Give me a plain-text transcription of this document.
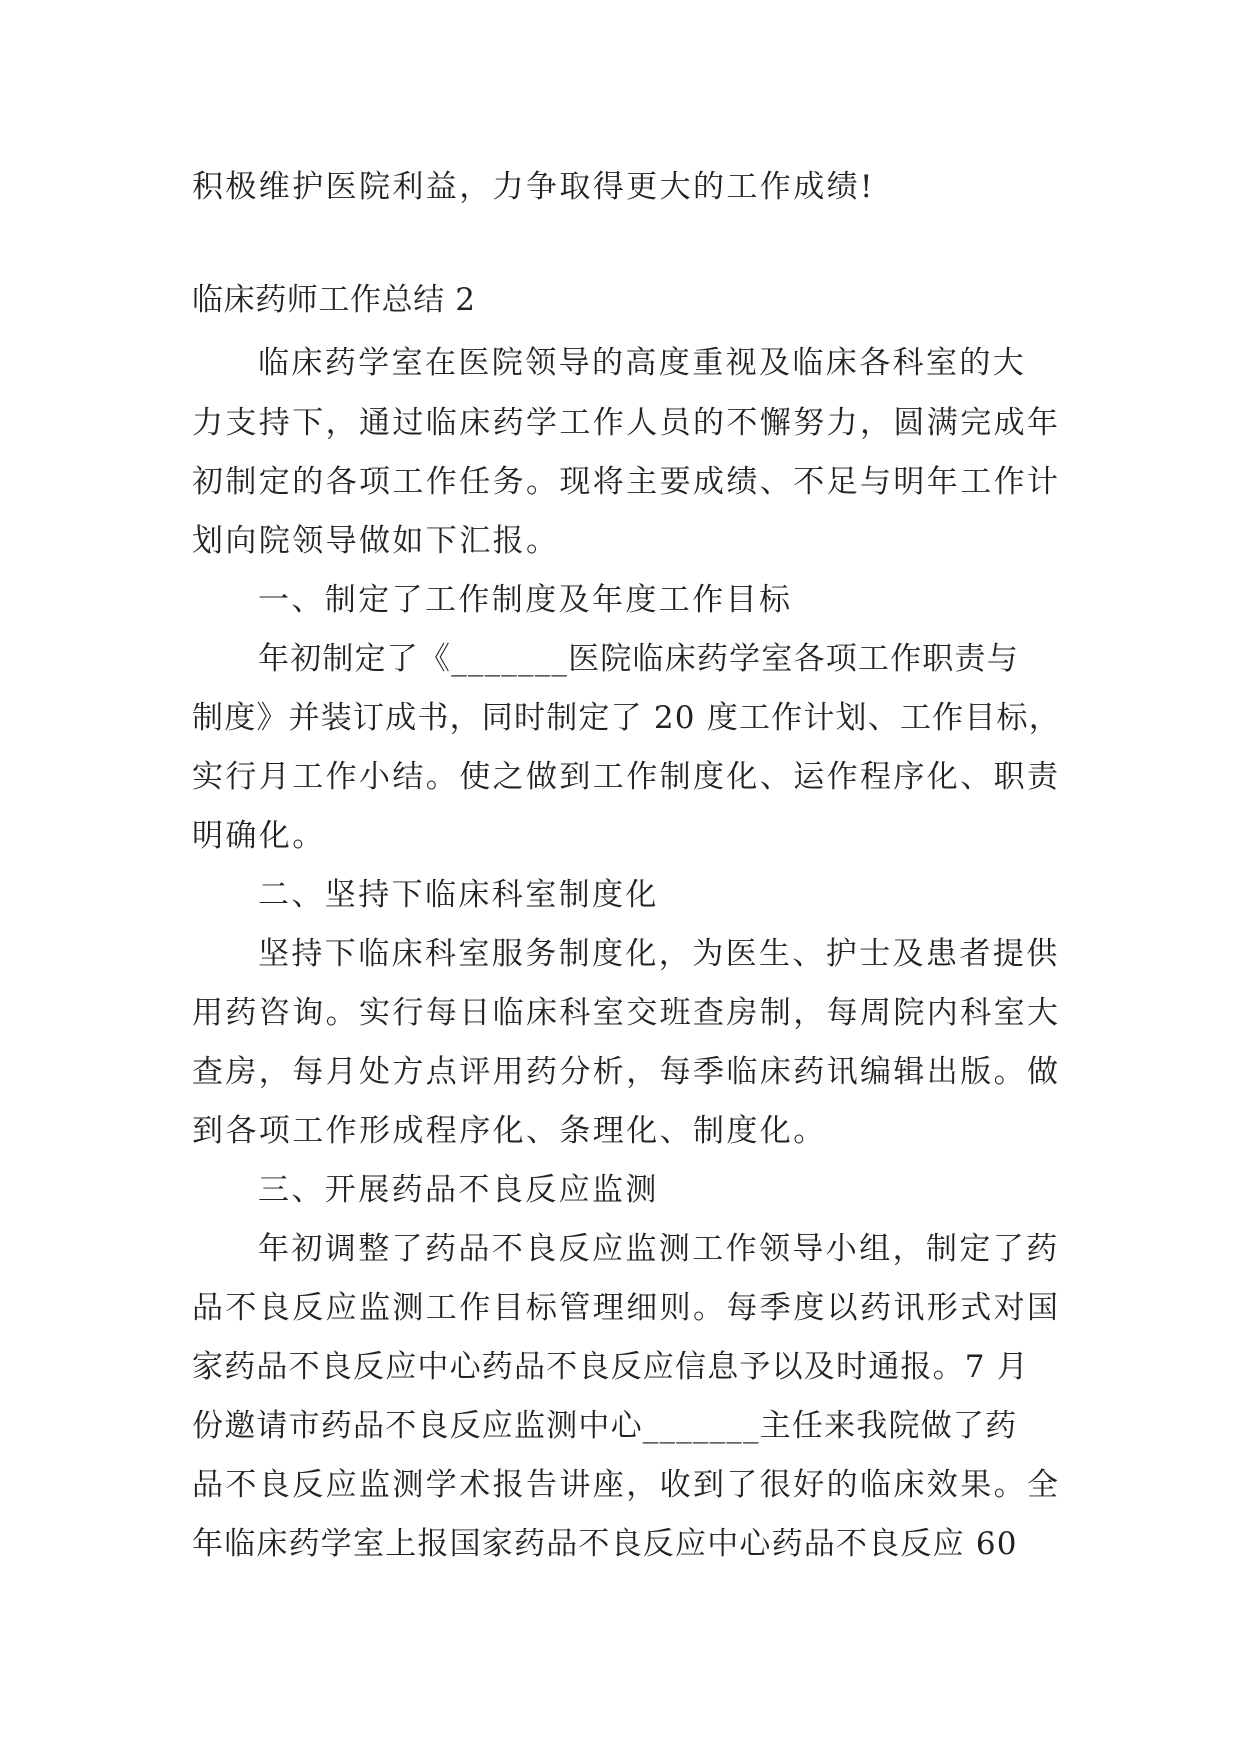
积极维护医院利益，力争取得更大的工作成绩!
临床药师工作总结 2
临床药学室在医院领导的高度重视及临床各科室的大
力支持下，通过临床药学工作人员的不懈努力，圆满完成年
初制定的各项工作任务。现将主要成绩、不足与明年工作计
划向院领导做如下汇报。
一、制定了工作制度及年度工作目标
年初制定了《_______医院临床药学室各项工作职责与
制度》并装订成书，同时制定了 20 度工作计划、工作目标，
实行月工作小结。使之做到工作制度化、运作程序化、职责
明确化。
二、坚持下临床科室制度化
坚持下临床科室服务制度化，为医生、护士及患者提供
用药咨询。实行每日临床科室交班查房制，每周院内科室大
查房，每月处方点评用药分析，每季临床药讯编辑出版。做
到各项工作形成程序化、条理化、制度化。
三、开展药品不良反应监测
年初调整了药品不良反应监测工作领导小组，制定了药
品不良反应监测工作目标管理细则。每季度以药讯形式对国
家药品不良反应中心药品不良反应信息予以及时通报。7 月
份邀请市药品不良反应监测中心_______主任来我院做了药
品不良反应监测学术报告讲座，收到了很好的临床效果。全
年临床药学室上报国家药品不良反应中心药品不良反应 60
